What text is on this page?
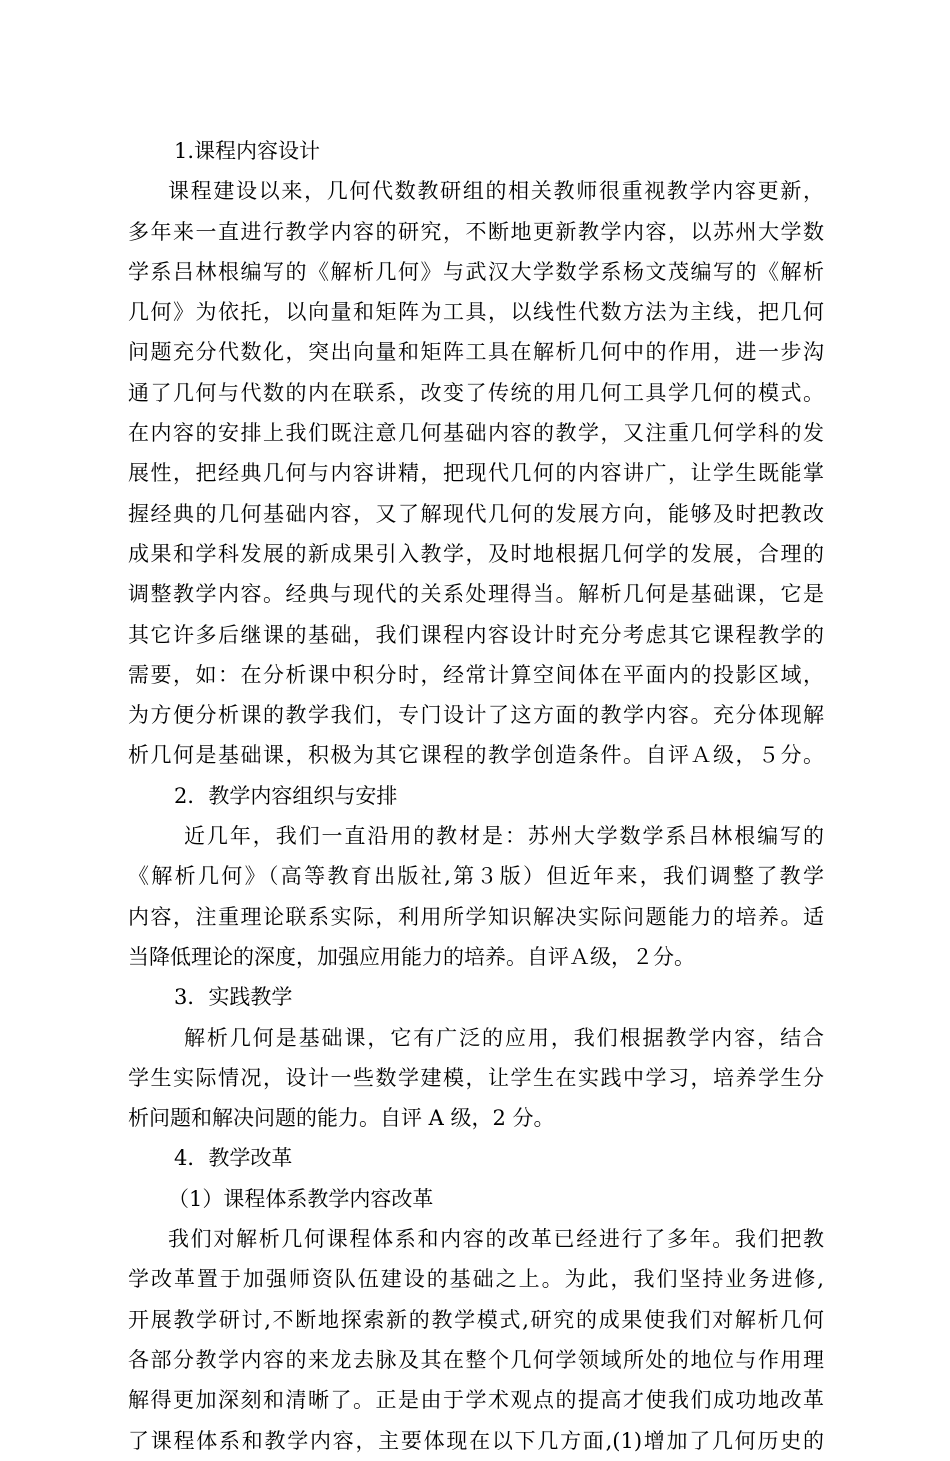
1.课程内容设计
课程建设以来，几何代数教研组的相关教师很重视教学内容更新，
多年来一直进行教学内容的研究，不断地更新教学内容，以苏州大学数
学系吕林根编写的《解析几何》与武汉大学数学系杨文茂编写的《解析
几何》为依托，以向量和矩阵为工具，以线性代数方法为主线，把几何
问题充分代数化，突出向量和矩阵工具在解析几何中的作用，进一步沟
通了几何与代数的内在联系，改变了传统的用几何工具学几何的模式。
在内容的安排上我们既注意几何基础内容的教学，又注重几何学科的发
展性，把经典几何与内容讲精，把现代几何的内容讲广，让学生既能掌
握经典的几何基础内容，又了解现代几何的发展方向，能够及时把教改
成果和学科发展的新成果引入教学，及时地根据几何学的发展，合理的
调整教学内容。经典与现代的关系处理得当。解析几何是基础课，它是
其它许多后继课的基础，我们课程内容设计时充分考虑其它课程教学的
需要，如：在分析课中积分时，经常计算空间体在平面内的投影区域，
为方便分析课的教学我们，专门设计了这方面的教学内容。充分体现解
析几何是基础课，积极为其它课程的教学创造条件。自评Ａ级，５分。
2．教学内容组织与安排
近几年，我们一直沿用的教材是：苏州大学数学系吕林根编写的
《解析几何》（高等教育出版社,第３版）但近年来，我们调整了教学
内容，注重理论联系实际，利用所学知识解决实际问题能力的培养。适
当降低理论的深度，加强应用能力的培养。自评Ａ级，２分。
3．实践教学
解析几何是基础课，它有广泛的应用，我们根据教学内容，结合
学生实际情况，设计一些数学建模，让学生在实践中学习，培养学生分
析问题和解决问题的能力。自评 A 级，2 分。
4．教学改革
（1）课程体系教学内容改革
我们对解析几何课程体系和内容的改革已经进行了多年。我们把教
学改革置于加强师资队伍建设的基础之上。为此，我们坚持业务进修,
开展教学研讨,不断地探索新的教学模式,研究的成果使我们对解析几何
各部分教学内容的来龙去脉及其在整个几何学领域所处的地位与作用理
解得更加深刻和清晰了。正是由于学术观点的提高才使我们成功地改革
了课程体系和教学内容，主要体现在以下几方面,(1)增加了几何历史的
